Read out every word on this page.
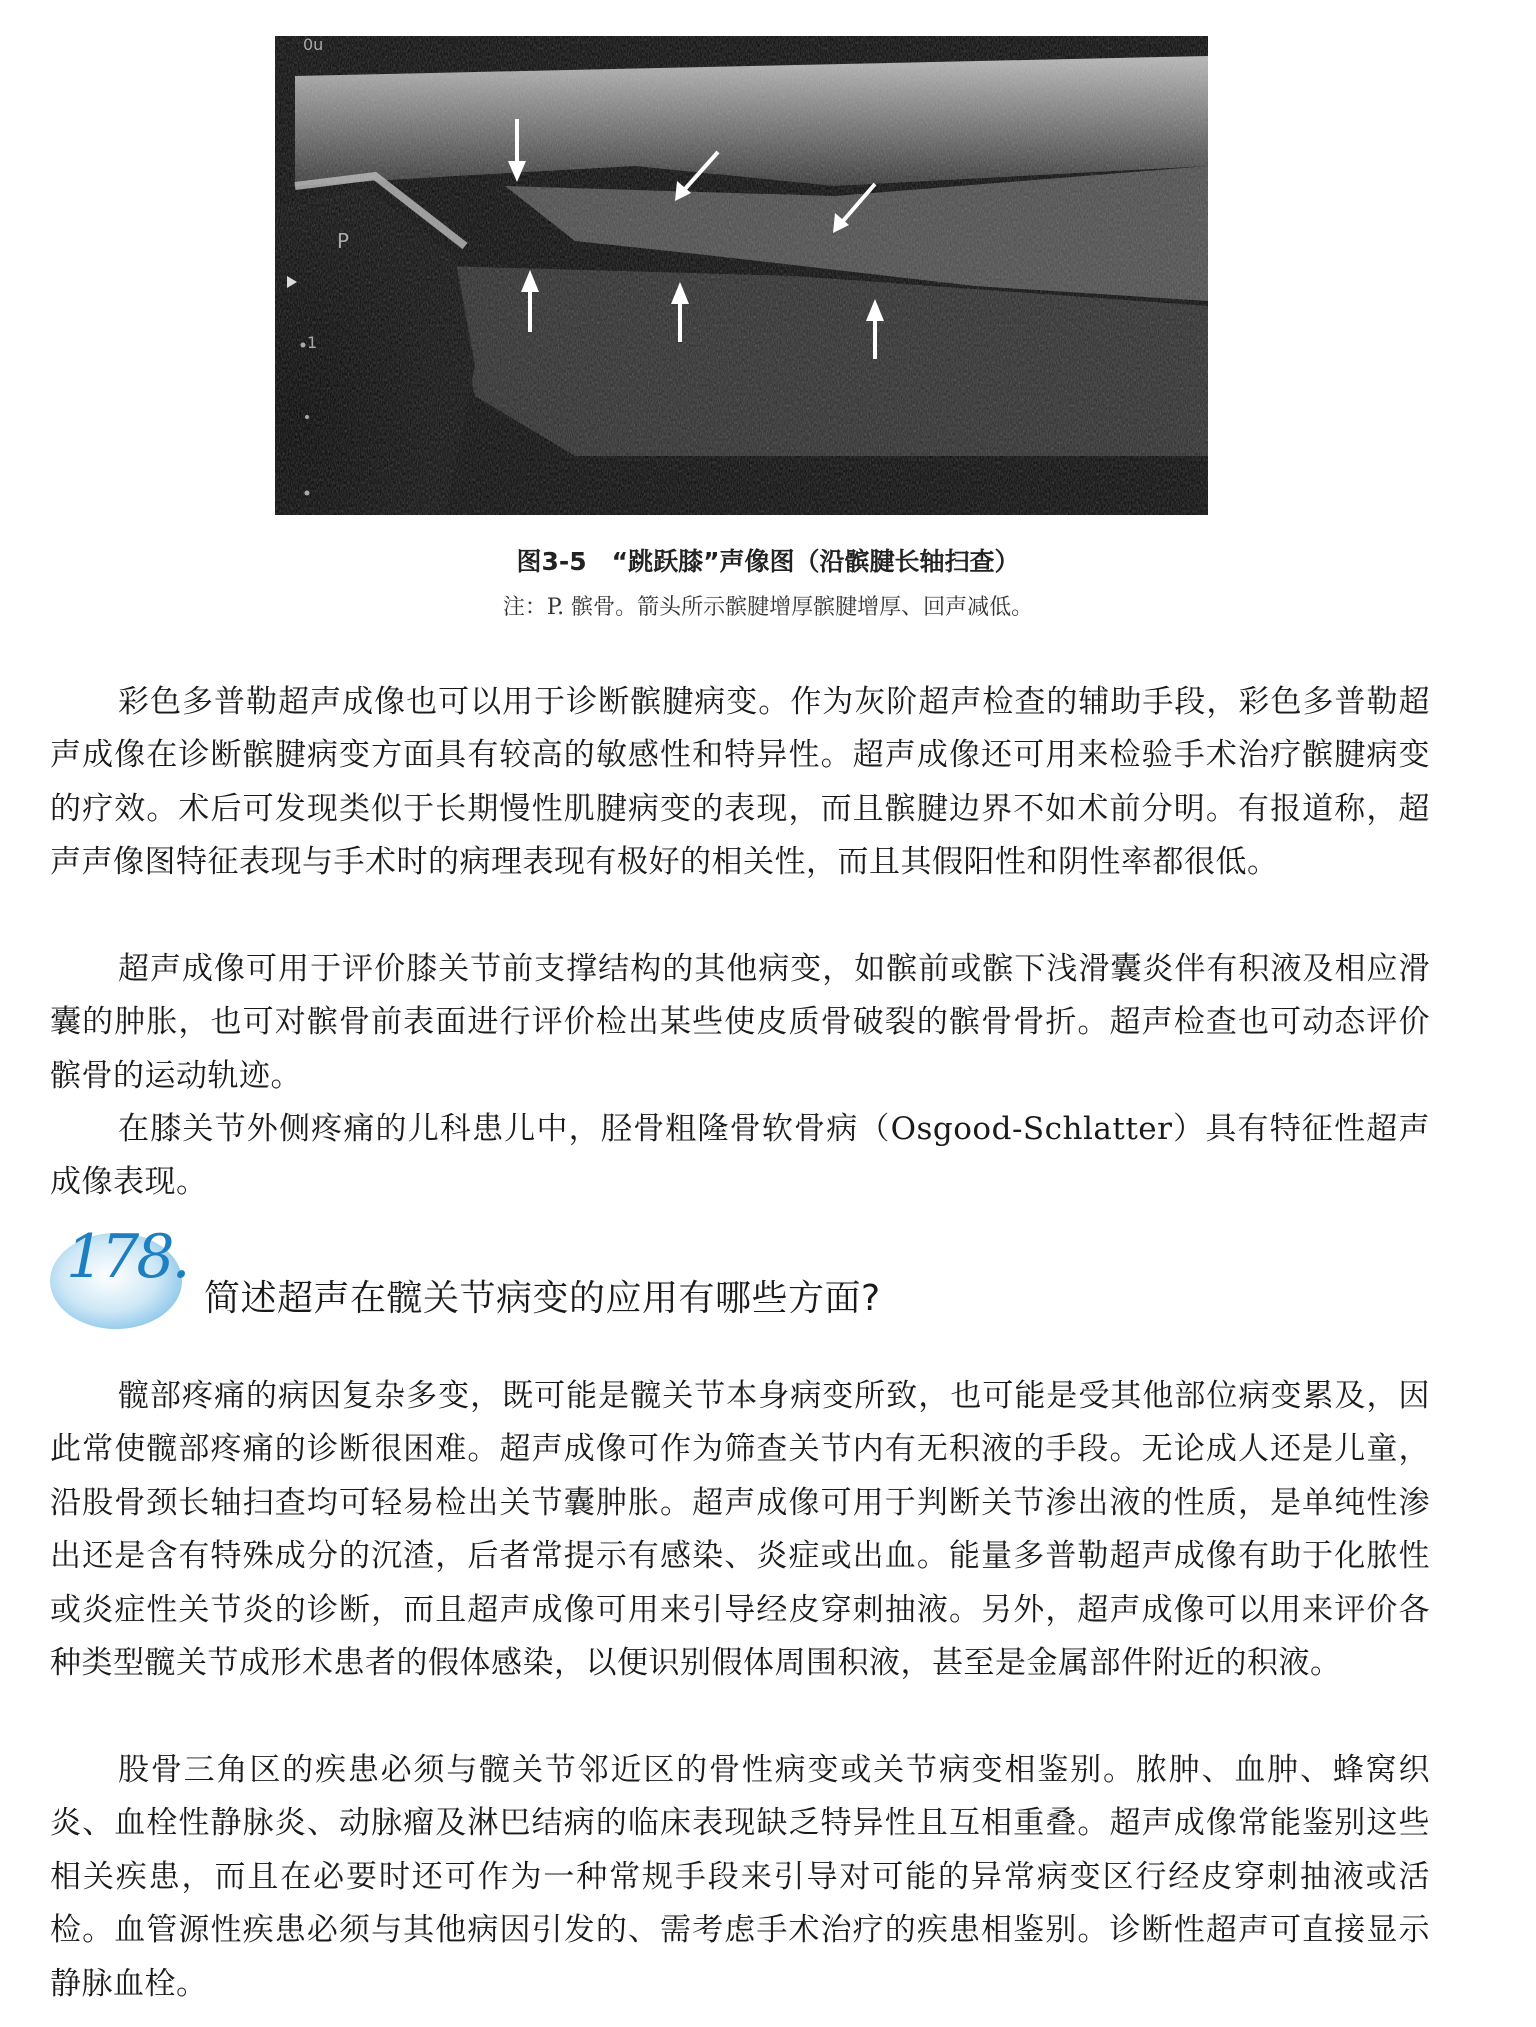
0u
P
1
图3-5　“跳跃膝”声像图（沿髌腱长轴扫查）
注：P. 髌骨。箭头所示髌腱增厚髌腱增厚、回声减低。

彩色多普勒超声成像也可以用于诊断髌腱病变。作为灰阶超声检查的辅助手段，彩色多普勒超声成像在诊断髌腱病变方面具有较高的敏感性和特异性。超声成像还可用来检验手术治疗髌腱病变的疗效。术后可发现类似于长期慢性肌腱病变的表现，而且髌腱边界不如术前分明。有报道称，超声声像图特征表现与手术时的病理表现有极好的相关性，而且其假阳性和阴性率都很低。

超声成像可用于评价膝关节前支撑结构的其他病变，如髌前或髌下浅滑囊炎伴有积液及相应滑囊的肿胀，也可对髌骨前表面进行评价检出某些使皮质骨破裂的髌骨骨折。超声检查也可动态评价髌骨的运动轨迹。

在膝关节外侧疼痛的儿科患儿中，胫骨粗隆骨软骨病（Osgood-Schlatter）具有特征性超声成像表现。

178.
简述超声在髋关节病变的应用有哪些方面?

髋部疼痛的病因复杂多变，既可能是髋关节本身病变所致，也可能是受其他部位病变累及，因此常使髋部疼痛的诊断很困难。超声成像可作为筛查关节内有无积液的手段。无论成人还是儿童，沿股骨颈长轴扫查均可轻易检出关节囊肿胀。超声成像可用于判断关节渗出液的性质，是单纯性渗出还是含有特殊成分的沉渣，后者常提示有感染、炎症或出血。能量多普勒超声成像有助于化脓性或炎症性关节炎的诊断，而且超声成像可用来引导经皮穿刺抽液。另外，超声成像可以用来评价各种类型髋关节成形术患者的假体感染，以便识别假体周围积液，甚至是金属部件附近的积液。

股骨三角区的疾患必须与髋关节邻近区的骨性病变或关节病变相鉴别。脓肿、血肿、蜂窝织炎、血栓性静脉炎、动脉瘤及淋巴结病的临床表现缺乏特异性且互相重叠。超声成像常能鉴别这些相关疾患，而且在必要时还可作为一种常规手段来引导对可能的异常病变区行经皮穿刺抽液或活检。血管源性疾患必须与其他病因引发的、需考虑手术治疗的疾患相鉴别。诊断性超声可直接显示静脉血栓。
